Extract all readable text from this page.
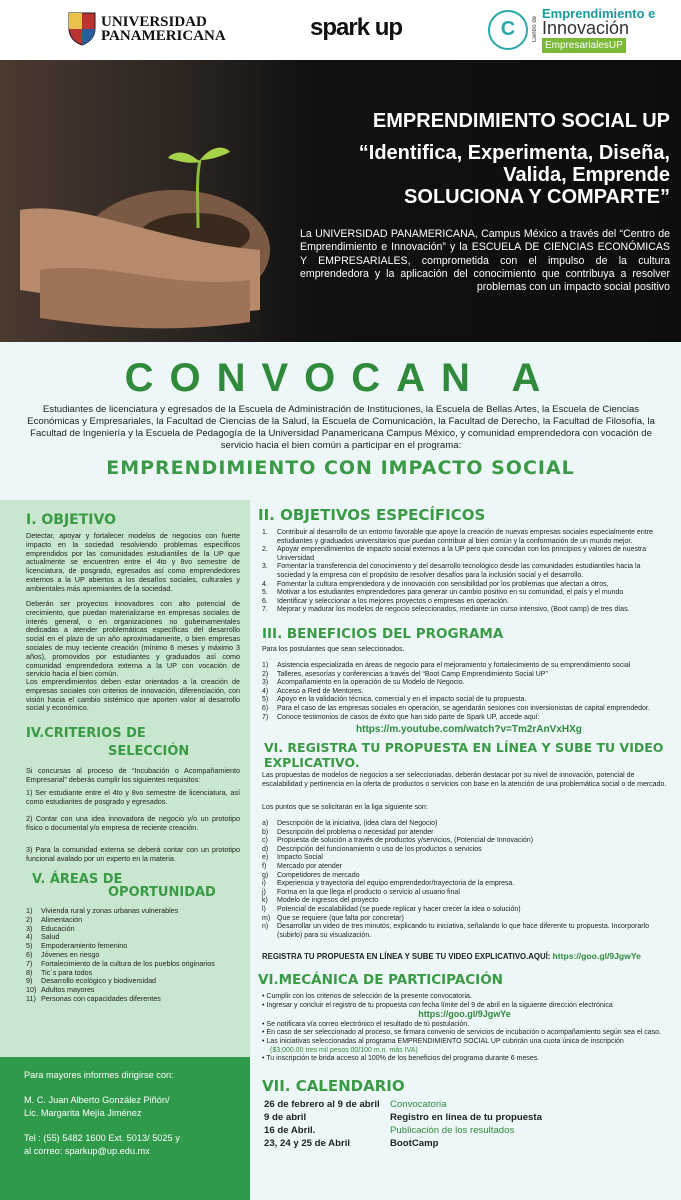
UNIVERSIDAD
PANAMERICANA	spark up	C	Centro de
Emprendimiento e
Innovación
EmpresarialesUP
EMPRENDIMIENTO SOCIAL UP
“Identifica, Experimenta, Diseña,
Valida, Emprende
SOLUCIONA Y COMPARTE”
La UNIVERSIDAD PANAMERICANA, Campus México a través del “Centro de Emprendimiento e Innovación” y la ESCUELA DE CIENCIAS ECONÓMICAS Y EMPRESARIALES, comprometida con el impulso de la cultura emprendedora y la aplicación del conocimiento que contribuya a resolver problemas con un impacto social positivo
CONVOCAN A
Estudiantes de licenciatura y egresados de la Escuela de Administración de Instituciones, la Escuela de Bellas Artes, la Escuela de Ciencias Económicas y Empresariales, la Facultad de Ciencias de la Salud, la Escuela de Comunicación, la Facultad de Derecho, la Facultad de Filosofía, la Facultad de Ingeniería y la Escuela de Pedagogía de la Universidad Panamericana Campus México, y comunidad emprendedora con vocación de servicio hacia el bien común a participar en el programa:
EMPRENDIMIENTO CON IMPACTO SOCIAL
I. OBJETIVO
Detectar, apoyar y fortalecer modelos de negocios con fuerte impacto en la sociedad resolviendo problemas específicos emprendidos por las comunidades estudiantiles de la UP que actualmente se encuentren entre el 4to y 8vo semestre de licenciatura, de posgrado, egresados así como emprendedores externos a la UP abiertos a los desafíos sociales, culturales y ambientales más apremiantes de la sociedad.
Deberán ser proyectos innovadores con alto potencial de crecimiento, que puedan materializarse en empresas sociales de interés general, o en organizaciones no gubernamentales dedicadas a atender problemáticas específicas del desarrollo social en el plazo de un año aproximadamente, o bien empresas sociales de muy reciente creación (mínimo 6 meses y máximo 3 años), promovidos por estudiantes y graduados así como comunidad emprendedora externa a la UP con vocación de servicio hacia el bien común.
Los emprendimientos deben estar orientados a la creación de empresas sociales con criterios de innovación, diferenciación, con visión hacia el cambio sistémico que aporten valor al desarrollo social y económico.
IV.CRITERIOS DE
SELECCIÓN
Si concursas al proceso de “Incubación o Acompañamiento Empresarial” deberás cumplir los siguientes requisitos:
1) Ser estudiante entre el 4to y 8vo semestre de licenciatura, así como estudiantes de posgrado y egresados.
2) Contar con una idea innovadora de negocio y/o un prototipo físico o documental y/o empresa de reciente creación.
3) Para la comunidad externa se deberá contar con un prototipo funcional avalado por un experto en la materia.
V. ÁREAS DE
OPORTUNIDAD
1)	Vivienda rural y zonas urbanas vulnerables
2)	Alimentación
3)	Educación
4)	Salud
5)	Empoderamiento femenino
6)	Jóvenes en riesgo
7)	Fortalecimiento de la cultura de los pueblos originarios
8)	Tic´s para todos
9)	Desarrollo ecológico y biodiversidad
10) Adultos mayores
11) Personas con capacidades diferentes
Para mayores informes dirigirse con:
M. C. Juan Alberto González Piñón/
Lic. Margarita Mejía Jiménez
Tel : (55) 5482 1600 Ext. 5013/ 5025 y
al correo: sparkup@up.edu.mx
II. OBJETIVOS ESPECÍFICOS
1.	Contribuir al desarrollo de un entorno favorable que apoye la creación de nuevas empresas sociales especialmente entre estudiantes y graduados universitarios que puedan contribuir al bien común y la conformación de un mundo mejor.
2.	Apoyar emprendimientos de impacto social externos a la UP pero que coincidan con los principios y valores de nuestra Universidad
3.	Fomentar la transferencia del conocimiento y del desarrollo tecnológico desde las comunidades estudiantiles hacia la sociedad y la empresa con el propósito de resolver desafíos para la inclusión social y el desarrollo.
4.	Fomentar la cultura emprendedora y de innovación con sensibilidad por los problemas que afectan a otros,
5.	Motivar a los estudiantes emprendedores para generar un cambio positivo en su comunidad, el país y el mundo
6.	Identificar y seleccionar a los mejores proyectos o empresas en operación.
7.	Mejorar y madurar los modelos de negocio seleccionados, mediante un curso intensivo, (Boot camp) de tres días.
III. BENEFICIOS DEL PROGRAMA
Para los postulantes que sean seleccionados.
1)	Asistencia especializada en áreas de negocio para el mejoramiento y fortalecimiento de su emprendimiento social
2)	Talleres, asesorías y conferencias a través del “Boot Camp Emprendimiento Social UP”
3)	Acompañamiento en la operación de su Modelo de Negocio.
4)	Acceso a Red de Mentores.
5)	Apoyo en la validación técnica, comercial y en el impacto social de tu propuesta.
6)	Para el caso de las empresas sociales en operación, se agendarán sesiones con inversionistas de capital emprendedor.
7)	Conoce testimonios de casos de éxito que han sido parte de Spark UP, accede aquí:
https://m.youtube.com/watch?v=Tm2rAnVxHXg
VI. REGISTRA TU PROPUESTA EN LÍNEA Y SUBE TU VIDEO
EXPLICATIVO.
Las propuestas de modelos de negocios a ser seleccionadas, deberán destacar por su nivel de innovación, potencial de escalabilidad y pertinencia en la oferta de productos o servicios con base en la atención de una problemática social o de mercado.
Los puntos que se solicitaran en la liga siguiente son:
a)	Descripción de la iniciativa, (idea clara del Negocio)
b)	Descripción del problema o necesidad por atender
c)	Propuesta de solución a través de productos y/servicios, (Potencial de Innovación)
d)	Descripción del funcionamiento o uso de los productos o servicios
e)	Impacto Social
f)	Mercado por atender
g)	Competidores de mercado
i)	Experiencia y trayectoria del equipo emprendedor/trayectoria de la empresa.
j)	Forma en la que llega el producto o servicio al usuario final
k)	Modelo de ingresos del proyecto
l)	Potencial de escalabilidad (se puede replicar y hacer crecer la idea o solución)
m) Que se requiere (que falta por concretar)
n)	Desarrollar un video de tres minutos, explicando tu iniciativa, señalando lo que hace diferente tu propuesta. Incorporarlo (subirlo) para su visualización.
REGISTRA TU PROPUESTA EN LÍNEA Y SUBE TU VIDEO EXPLICATIVO.AQUÍ: https://goo.gl/9JgwYe
VI.MECÁNICA DE PARTICIPACIÓN
• Cumplir con los criterios de selección de la presente convocatoria.
• Ingresar y concluir el registro de tu propuesta con fecha límite del 9 de abril en la siguiente dirección electrónica
https://goo.gl/9JgwYe
• Se notificara vía correo electrónico el resultado de tú postulación.
• En caso de ser seleccionado al proceso, se firmara convenio de servicios de incubación o acompañamiento según sea el caso.
• Las iniciativas seleccionadas al programa EMPRENDIMIENTO SOCIAL UP cubrirán una cuota única de inscripción
($3,000.00 tres mil pesos 00/100 m.n. más IVA)
• Tu inscripción te brida acceso al 100% de los beneficios del programa durante 6 meses.
VII. CALENDARIO
26 de febrero al 9 de abril	Convocatoria
9 de abril	Registro en línea de tu propuesta
16 de Abril.	Publicación de los resultados
23, 24 y 25 de Abril	BootCamp
